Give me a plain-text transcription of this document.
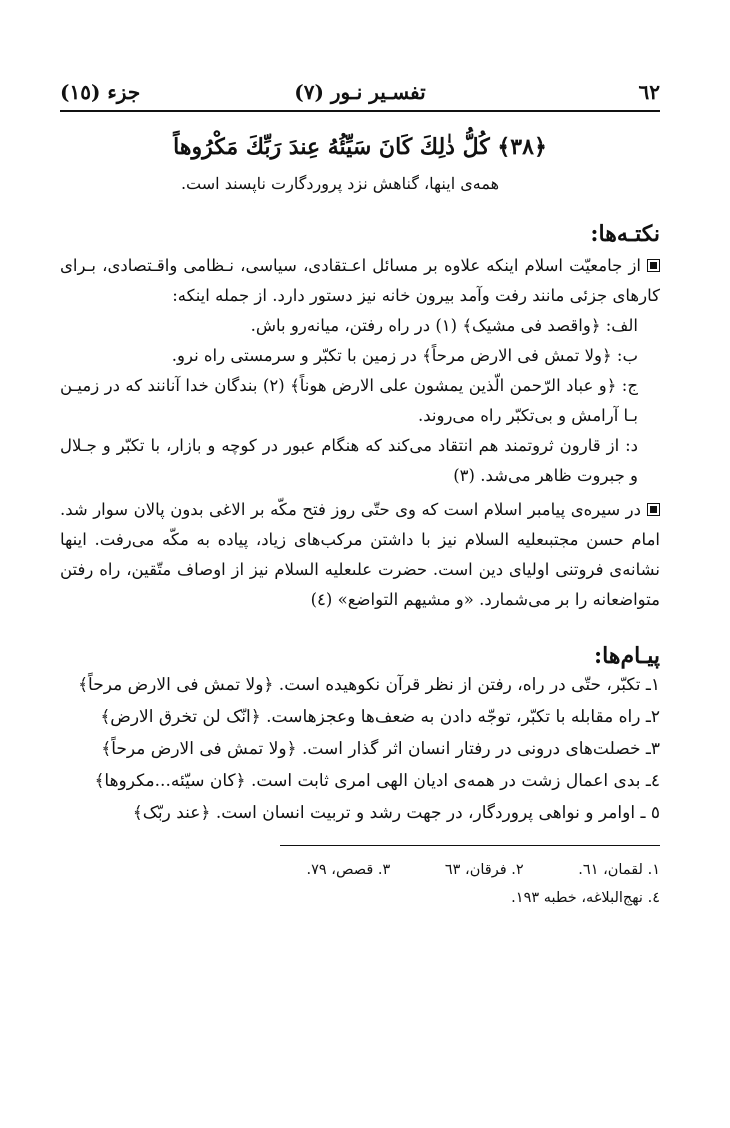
٦٢
تفسـير نـور (٧)
جزء (١٥)
﴿٣٨﴾ كُلُّ ذٰلِكَ كَانَ سَيِّئُهُ عِندَ رَبِّكَ مَكْرُوهاً
همه‌ى اينها، گناهش نزد پروردگارت ناپسند است.
نكتـه‌ها:
از جامعيّت اسلام اينكه علاوه بر مسائل اعـتقادى، سياسى، نـظامى واقـتصادى، بـراى كارهاى جزئى مانند رفت وآمد بيرون خانه نيز دستور دارد. از جمله اينكه:
الف: ﴿واقصد فى مشيک﴾ (١) در راه رفتن، ميانه‌رو باش.
ب: ﴿ولا تمش فى الارض مرحاً﴾ در زمين با تكبّر و سرمستى راه نرو.
ج: ﴿و عباد الرّحمن الّذين يمشون على الارض هوناً﴾ (٢) بندگان خدا آنانند كه در زميـن بـا آرامش و بى‌تكبّر راه مى‌روند.
د: از قارون ثروتمند هم انتقاد مى‌كند كه هنگام عبور در كوچه و بازار، با تكبّر و جـلال و جبروت ظاهر مى‌شد. (٣)
در سيره‌ى پيامبر اسلام است كه وى حتّى روز فتح مكّه بر الاغى بدون پالان سوار شد. امام حسن مجتبىعليه السلام نيز با داشتن مركب‌هاى زياد، پياده به مكّه مى‌رفت. اينها نشانه‌ى فروتنى اولياى دين است. حضرت علىعليه السلام نيز از اوصاف متّقين، راه رفتن متواضعانه را بر مى‌شمارد. «و مشيهم التواضع» (٤)
پيـام‌ها:
١ـ تكبّر، حتّى در راه، رفتن از نظر قرآن نكوهيده است. ﴿ولا تمش فى الارض مرحاً﴾
٢ـ راه مقابله با تكبّر، توجّه دادن به ضعف‌ها وعجزهاست. ﴿انّک لن تخرق الارض﴾
٣ـ خصلت‌هاى درونى در رفتار انسان اثر گذار است. ﴿ولا تمش فى الارض مرحاً﴾
٤ـ بدى اعمال زشت در همه‌ى اديان الهى امرى ثابت است. ﴿كان سيّئه...مكروها﴾
٥ ـ اوامر و نواهى پروردگار، در جهت رشد و تربيت انسان است. ﴿عند ربّک﴾
١. لقمان، ٦١. ٢. فرقان، ٦٣ ٣. قصص، ٧٩.
٤. نهج‌البلاغه، خطبه ١٩٣.
